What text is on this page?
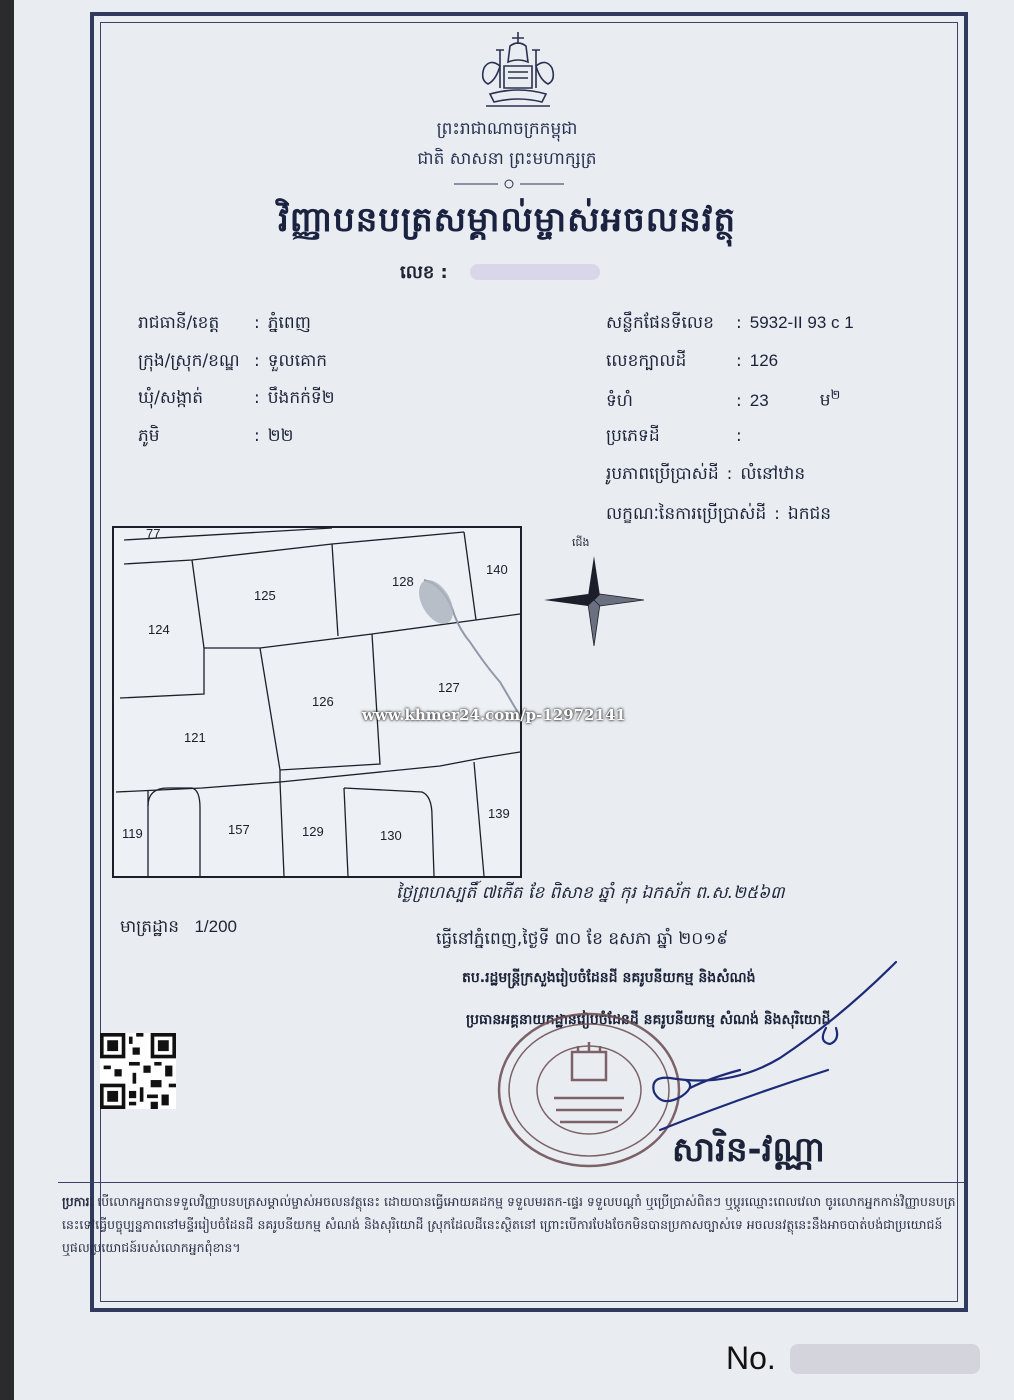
ព្រះរាជាណាចក្រកម្ពុជា
ជាតិ សាសនា ព្រះមហាក្សត្រ
វិញ្ញាបនបត្រសម្គាល់ម្ចាស់អចលនវត្ថុ
លេខ :
រាជធានី/ខេត្ត : ភ្នំពេញ
ក្រុង/ស្រុក/ខណ្ឌ : ទួលគោក
ឃុំ/សង្កាត់	: បឹងកក់ទី២
ភូមិ	: ២២
សន្លឹកផែនទីលេខ : 5932-II 93 c 1
លេខក្បាលដី	: 126
ទំហំ	: 23	ម$^២$
ប្រភេទដី	:
រូបភាពប្រើប្រាស់ដី : លំនៅឋាន
លក្ខណៈនៃការប្រើប្រាស់ដី : ឯកជន
77
124
125
128
140
126
127
121
119	157	129	130
139
www.khmer24.com/p-12972141
ជើង
មាត្រដ្ឋាន 1/200
ថ្ងៃព្រហស្បតិ៍ ៧កើត ខែ ពិសាខ ឆ្នាំ កុរ ឯកស័ក ព.ស.២៥៦៣
ធ្វើនៅភ្នំពេញ,ថ្ងៃទី ៣០ ខែ ឧសភា ឆ្នាំ ២០១៩
តប.រដ្ឋមន្ត្រីក្រសួងរៀបចំដែនដី នគរូបនីយកម្ម និងសំណង់
ប្រធានអគ្គនាយកដ្ឋានរៀបចំដែនដី នគរូបនីយកម្ម សំណង់ និងសុរិយោដី
សារិន-វណ្ណា
ប្រការៈ បើលោកអ្នកបានទទួលវិញ្ញាបនបត្រសម្គាល់ម្ចាស់អចលនវត្ថុនេះ ដោយបានធ្វើអោយគដកម្ម ទទួលមរតក-ផ្ទេរ ទទួលបណ្ដាំ ឬប្រើប្រាស់ពិតៗ ឬប្តូរឈ្មោះពេលវេលា ចូរលោកអ្នកកាន់វិញ្ញាបនបត្រនេះទៅធ្វើបច្ចុប្បន្នភាពនៅមន្ទីររៀបចំដែនដី នគរូបនីយកម្ម សំណង់ និងសុរិយោដី ស្រុកដែលដីនេះស្ថិតនៅ ព្រោះបើការបែងចែកមិនបានប្រកាសច្បាស់ទេ អចលនវត្ថុនេះនឹងអាចបាត់បង់ជាប្រយោជន៍ ឬផលប្រយោជន៍របស់លោកអ្នកពុំខាន។
No.
